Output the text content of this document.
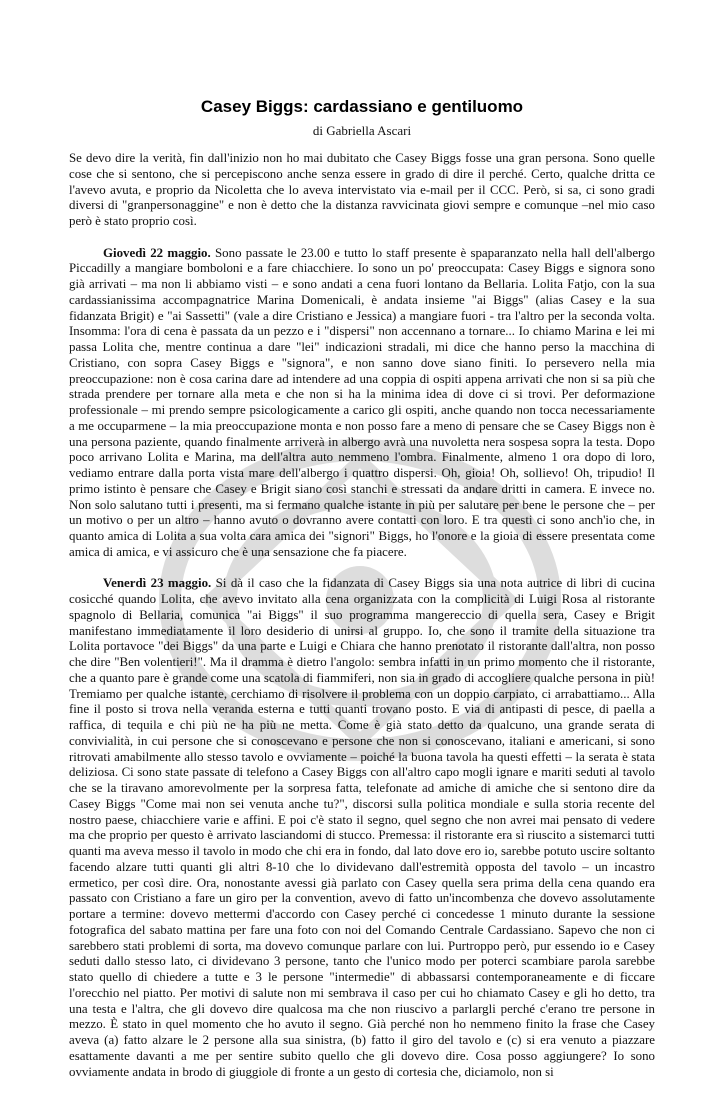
Casey Biggs: cardassiano e gentiluomo
di Gabriella Ascari

Se devo dire la verità, fin dall'inizio non ho mai dubitato che Casey Biggs fosse una gran persona. Sono quelle cose che si sentono, che si percepiscono anche senza essere in grado di dire il perché. Certo, qualche dritta ce l'avevo avuta, e proprio da Nicoletta che lo aveva intervistato via e-mail per il CCC. Però, si sa, ci sono gradi diversi di "granpersonaggine" e non è detto che la distanza ravvicinata giovi sempre e comunque –nel mio caso però è stato proprio così.

Giovedì 22 maggio. Sono passate le 23.00 e tutto lo staff presente è spaparanzato nella hall dell'albergo Piccadilly a mangiare bomboloni e a fare chiacchiere. Io sono un po' preoccupata: Casey Biggs e signora sono già arrivati – ma non li abbiamo visti – e sono andati a cena fuori lontano da Bellaria. Lolita Fatjo, con la sua cardassianissima accompagnatrice Marina Domenicali, è andata insieme "ai Biggs" (alias Casey e la sua fidanzata Brigit) e "ai Sassetti" (vale a dire Cristiano e Jessica) a mangiare fuori - tra l'altro per la seconda volta. Insomma: l'ora di cena è passata da un pezzo e i "dispersi" non accennano a tornare... Io chiamo Marina e lei mi passa Lolita che, mentre continua a dare "lei" indicazioni stradali, mi dice che hanno perso la macchina di Cristiano, con sopra Casey Biggs e "signora", e non sanno dove siano finiti. Io persevero nella mia preoccupazione: non è cosa carina dare ad intendere ad una coppia di ospiti appena arrivati che non si sa più che strada prendere per tornare alla meta e che non si ha la minima idea di dove ci si trovi. Per deformazione professionale – mi prendo sempre psicologicamente a carico gli ospiti, anche quando non tocca necessariamente a me occuparmene – la mia preoccupazione monta e non posso fare a meno di pensare che se Casey Biggs non è una persona paziente, quando finalmente arriverà in albergo avrà una nuvoletta nera sospesa sopra la testa. Dopo poco arrivano Lolita e Marina, ma dell'altra auto nemmeno l'ombra. Finalmente, almeno 1 ora dopo di loro, vediamo entrare dalla porta vista mare dell'albergo i quattro dispersi. Oh, gioia! Oh, sollievo! Oh, tripudio! Il primo istinto è pensare che Casey e Brigit siano così stanchi e stressati da andare dritti in camera. E invece no. Non solo salutano tutti i presenti, ma si fermano qualche istante in più per salutare per bene le persone che – per un motivo o per un altro – hanno avuto o dovranno avere contatti con loro. E tra questi ci sono anch'io che, in quanto amica di Lolita a sua volta cara amica dei "signori" Biggs, ho l'onore e la gioia di essere presentata come amica di amica, e vi assicuro che è una sensazione che fa piacere.

Venerdì 23 maggio. Si dà il caso che la fidanzata di Casey Biggs sia una nota autrice di libri di cucina cosicché quando Lolita, che avevo invitato alla cena organizzata con la complicità di Luigi Rosa al ristorante spagnolo di Bellaria, comunica "ai Biggs" il suo programma mangereccio di quella sera, Casey e Brigit manifestano immediatamente il loro desiderio di unirsi al gruppo. Io, che sono il tramite della situazione tra Lolita portavoce "dei Biggs" da una parte e Luigi e Chiara che hanno prenotato il ristorante dall'altra, non posso che dire "Ben volentieri!". Ma il dramma è dietro l'angolo: sembra infatti in un primo momento che il ristorante, che a quanto pare è grande come una scatola di fiammiferi, non sia in grado di accogliere qualche persona in più! Tremiamo per qualche istante, cerchiamo di risolvere il problema con un doppio carpiato, ci arrabattiamo... Alla fine il posto si trova nella veranda esterna e tutti quanti trovano posto. E via di antipasti di pesce, di paella a raffica, di tequila e chi più ne ha più ne metta. Come è già stato detto da qualcuno, una grande serata di convivialità, in cui persone che si conoscevano e persone che non si conoscevano, italiani e americani, si sono ritrovati amabilmente allo stesso tavolo e ovviamente – poiché la buona tavola ha questi effetti – la serata è stata deliziosa. Ci sono state passate di telefono a Casey Biggs con all'altro capo mogli ignare e mariti seduti al tavolo che se la tiravano amorevolmente per la sorpresa fatta, telefonate ad amiche di amiche che si sentono dire da Casey Biggs "Come mai non sei venuta anche tu?", discorsi sulla politica mondiale e sulla storia recente del nostro paese, chiacchiere varie e affini. E poi c'è stato il segno, quel segno che non avrei mai pensato di vedere ma che proprio per questo è arrivato lasciandomi di stucco. Premessa: il ristorante era sì riuscito a sistemarci tutti quanti ma aveva messo il tavolo in modo che chi era in fondo, dal lato dove ero io, sarebbe potuto uscire soltanto facendo alzare tutti quanti gli altri 8-10 che lo dividevano dall'estremità opposta del tavolo – un incastro ermetico, per così dire. Ora, nonostante avessi già parlato con Casey quella sera prima della cena quando era passato con Cristiano a fare un giro per la convention, avevo di fatto un'incombenza che dovevo assolutamente portare a termine: dovevo mettermi d'accordo con Casey perché ci concedesse 1 minuto durante la sessione fotografica del sabato mattina per fare una foto con noi del Comando Centrale Cardassiano. Sapevo che non ci sarebbero stati problemi di sorta, ma dovevo comunque parlare con lui. Purtroppo però, pur essendo io e Casey seduti dallo stesso lato, ci dividevano 3 persone, tanto che l'unico modo per poterci scambiare parola sarebbe stato quello di chiedere a tutte e 3 le persone "intermedie" di abbassarsi contemporaneamente e di ficcare l'orecchio nel piatto. Per motivi di salute non mi sembrava il caso per cui ho chiamato Casey e gli ho detto, tra una testa e l'altra, che gli dovevo dire qualcosa ma che non riuscivo a parlargli perché c'erano tre persone in mezzo. È stato in quel momento che ho avuto il segno. Già perché non ho nemmeno finito la frase che Casey aveva (a) fatto alzare le 2 persone alla sua sinistra, (b) fatto il giro del tavolo e (c) si era venuto a piazzare esattamente davanti a me per sentire subito quello che gli dovevo dire. Cosa posso aggiungere? Io sono ovviamente andata in brodo di giuggiole di fronte a un gesto di cortesia che, diciamolo, non si
